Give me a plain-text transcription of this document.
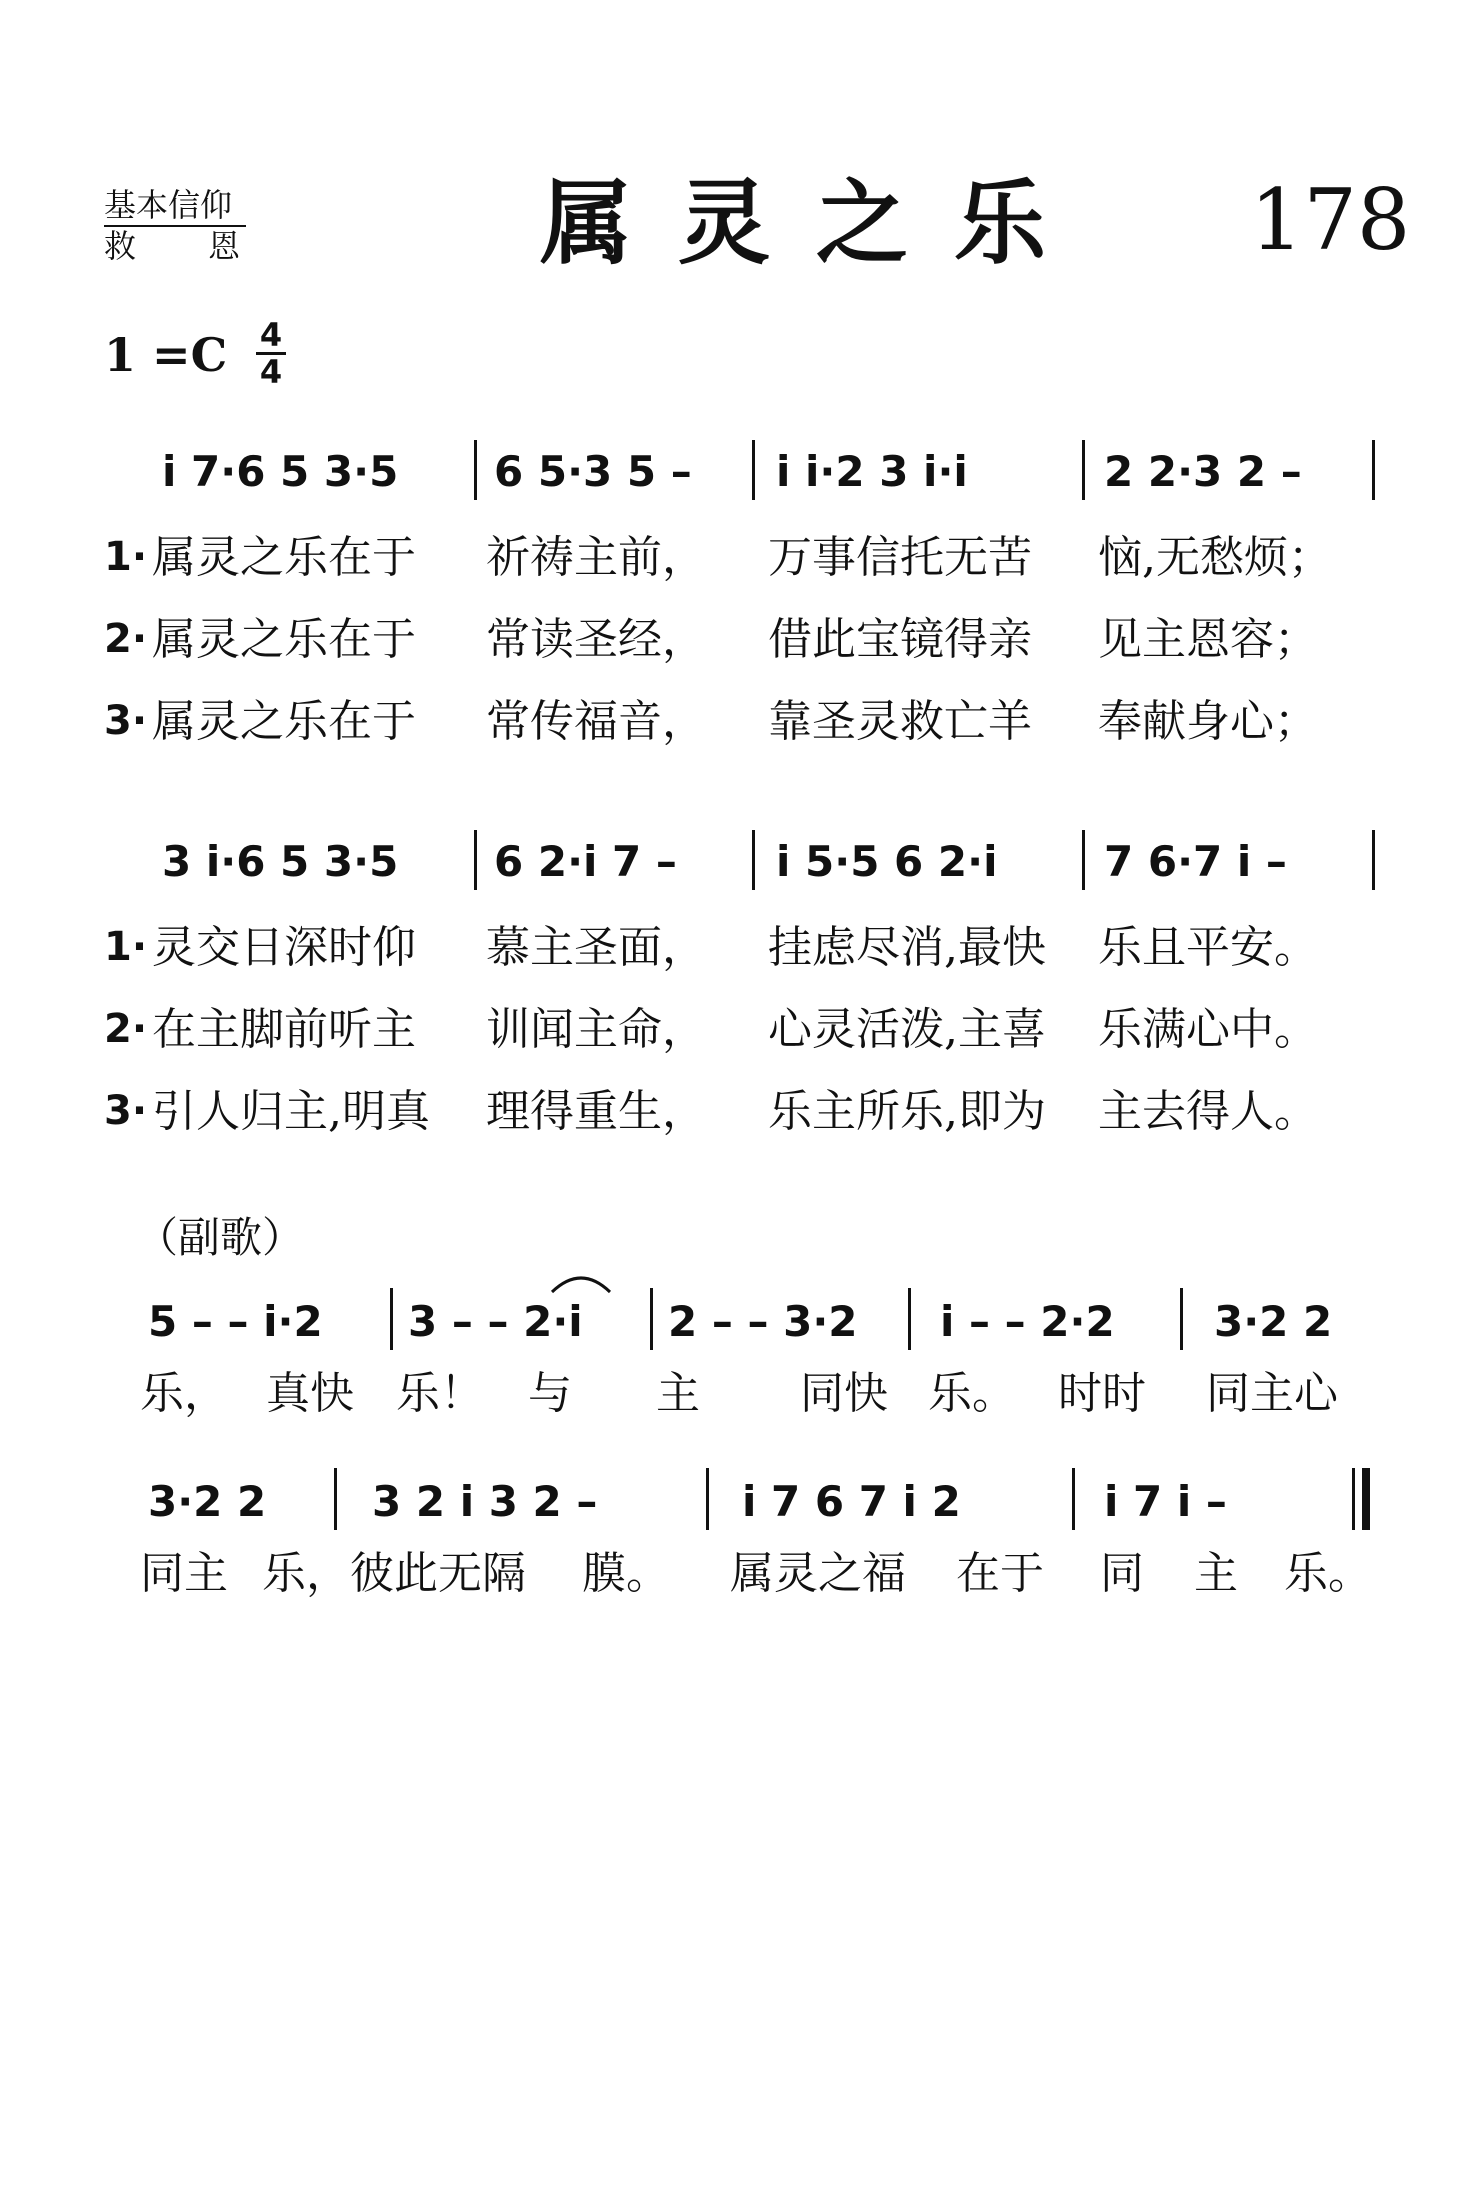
基本信仰
救 恩	属灵之乐 178
1 =C 4
4
i 7·6 5 3·5 6 5·3 5 – i i·2 3 i·i	2 2·3 2 –
1· 属灵之乐在于 祈祷主前， 万事信托无苦 恼,无愁烦；
2· 属灵之乐在于 常读圣经， 借此宝镜得亲 见主恩容；
3· 属灵之乐在于 常传福音， 靠圣灵救亡羊 奉献身心；
3 i·6 5 3·5 6 2·i 7 – i 5·5 6 2·i	7 6·7 i –
1· 灵交日深时仰 慕主圣面， 挂虑尽消,最快 乐且平安。
2· 在主脚前听主 训闻主命， 心灵活泼,主喜 乐满心中。
3· 引人归主,明真 理得重生， 乐主所乐,即为 主去得人。
（副歌）
5 – – i·2 3 – – 2·i 2 – – 3·2 i – – 2·2 3·2 2
乐， 真快 乐！ 与 主 同快 乐。 时时 同主心
3·2 2	3 2 i 3 2 –	i 7 6 7 i 2	i 7 i –
同主 乐，彼此无隔 膜。 属灵之福 在于 同 主 乐。
